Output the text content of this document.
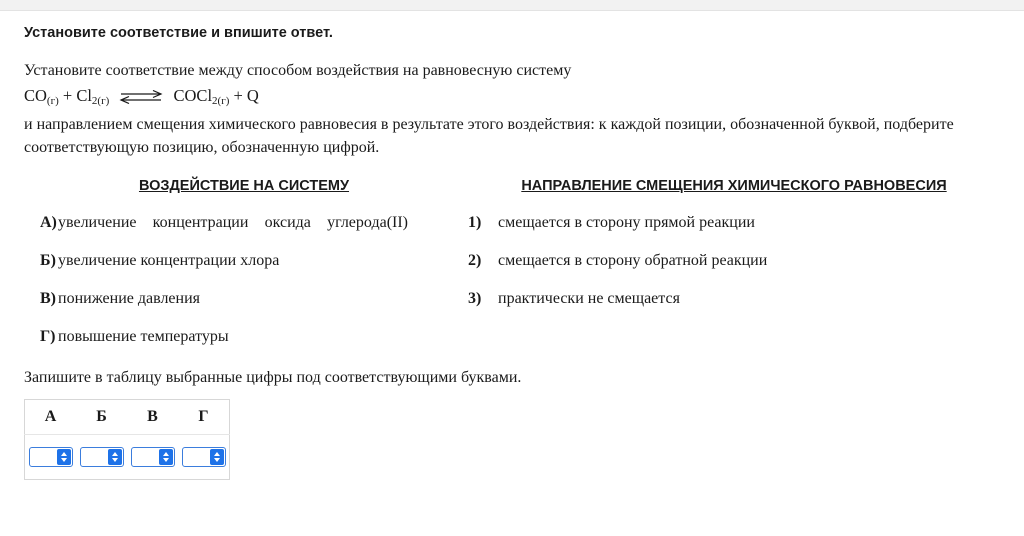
Установите соответствие и впишите ответ.
Установите соответствие между способом воздействия на равновесную систему
$CO_{(г)} + Cl_{2(г)}$ ⇌ COCl$_{2(г)}$ + Q
и направлением смещения химического равновесия в результате этого воздействия: к каждой позиции, обозначенной буквой, подберите соответствующую позицию, обозначенную цифрой.
ВОЗДЕЙСТВИЕ НА СИСТЕМУ
А) увеличение концентрации оксида углерода(II)
Б) увеличение концентрации хлора
В) понижение давления
Г) повышение температуры
НАПРАВЛЕНИЕ СМЕЩЕНИЯ ХИМИЧЕСКОГО РАВНОВЕСИЯ
1)	смещается в сторону прямой реакции
2)	смещается в сторону обратной реакции
3)	практически не смещается
Запишите в таблицу выбранные цифры под соответствующими буквами.
А	Б	В	Г
